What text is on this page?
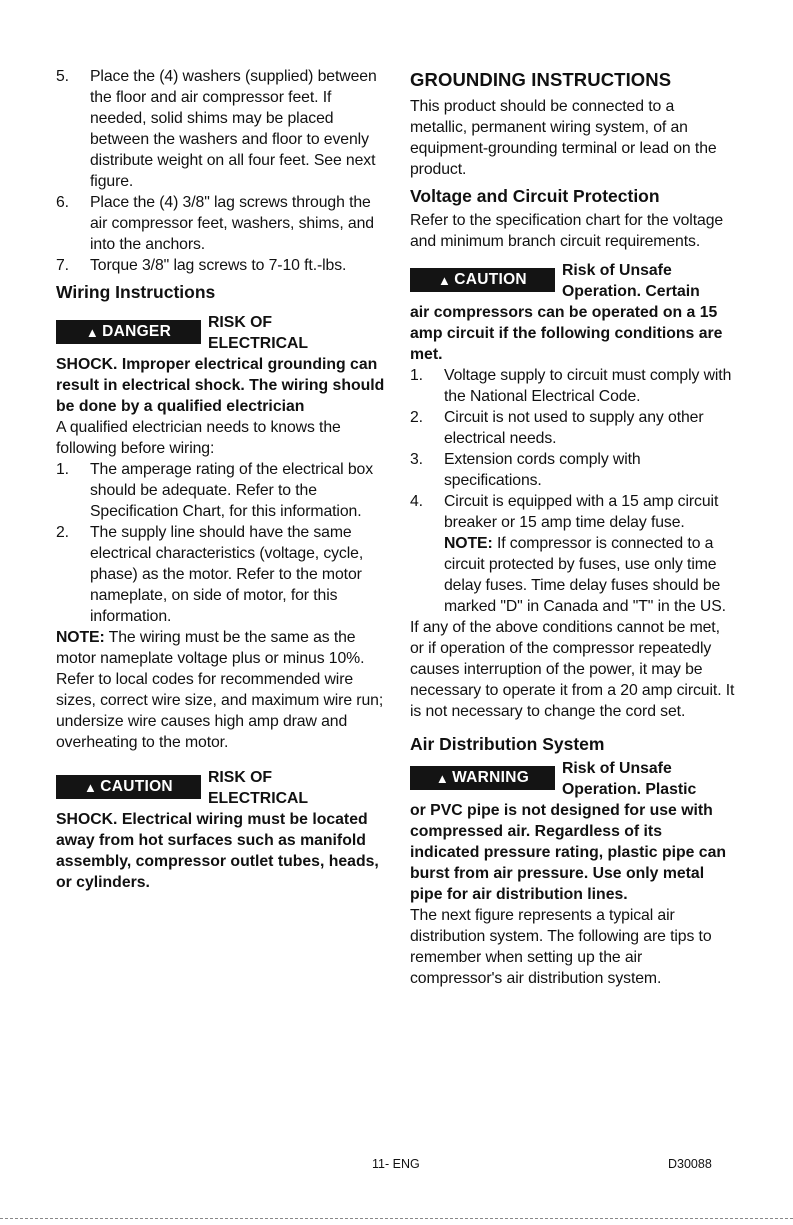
5.	Place the (4) washers (supplied) between the floor and air compressor feet. If needed, solid shims may be placed between the washers and floor to evenly distribute weight on all four feet. See next figure.
6.	Place the (4) 3/8" lag screws through the air compressor feet, washers, shims, and into the anchors.
7.	Torque 3/8" lag screws to 7-10 ft.-lbs.
Wiring Instructions
▲ DANGER
RISK OF ELECTRICAL

SHOCK. Improper electrical grounding can result in electrical shock. The wiring should be done by a qualified electrician

A qualified electrician needs to knows the following before wiring:

1.	The amperage rating of the electrical box should be adequate. Refer to the Specification Chart, for this information.
2.	The supply line should have the same electrical characteristics (voltage, cycle, phase) as the motor. Refer to the motor nameplate, on side of motor, for this information.

NOTE: The wiring must be the same as the motor nameplate voltage plus or minus 10%. Refer to local codes for recommended wire sizes, correct wire size, and maximum wire run; undersize wire causes high amp draw and overheating to the motor.

▲ CAUTION
RISK OF ELECTRICAL

SHOCK. Electrical wiring must be located away from hot surfaces such as manifold assembly, compressor outlet tubes, heads, or cylinders.

GROUNDING INSTRUCTIONS

This product should be connected to a metallic, permanent wiring system, of an equipment-grounding terminal or lead on the product.

Voltage and Circuit Protection

Refer to the specification chart for the voltage and minimum branch circuit requirements.

▲ CAUTION
Risk of Unsafe Operation. Certain

air compressors can be operated on a 15 amp circuit if the following conditions are met.

1.	Voltage supply to circuit must comply with the National Electrical Code.
2.	Circuit is not used to supply any other electrical needs.
3.	Extension cords comply with specifications.
4.	Circuit is equipped with a 15 amp circuit breaker or 15 amp time delay fuse. NOTE: If compressor is connected to a circuit protected by fuses, use only time delay fuses. Time delay fuses should be marked "D" in Canada and "T" in the US.

If any of the above conditions cannot be met, or if operation of the compressor repeatedly causes interruption of the power, it may be necessary to operate it from a 20 amp circuit. It is not necessary to change the cord set.

Air Distribution System
▲ WARNING
Risk of Unsafe Operation. Plastic

or PVC pipe is not designed for use with compressed air. Regardless of its indicated pressure rating, plastic pipe can burst from air pressure. Use only metal pipe for air distribution lines.

The next figure represents a typical air distribution system. The following are tips to remember when setting up the air compressor's air distribution system.

11- ENG	D30088
